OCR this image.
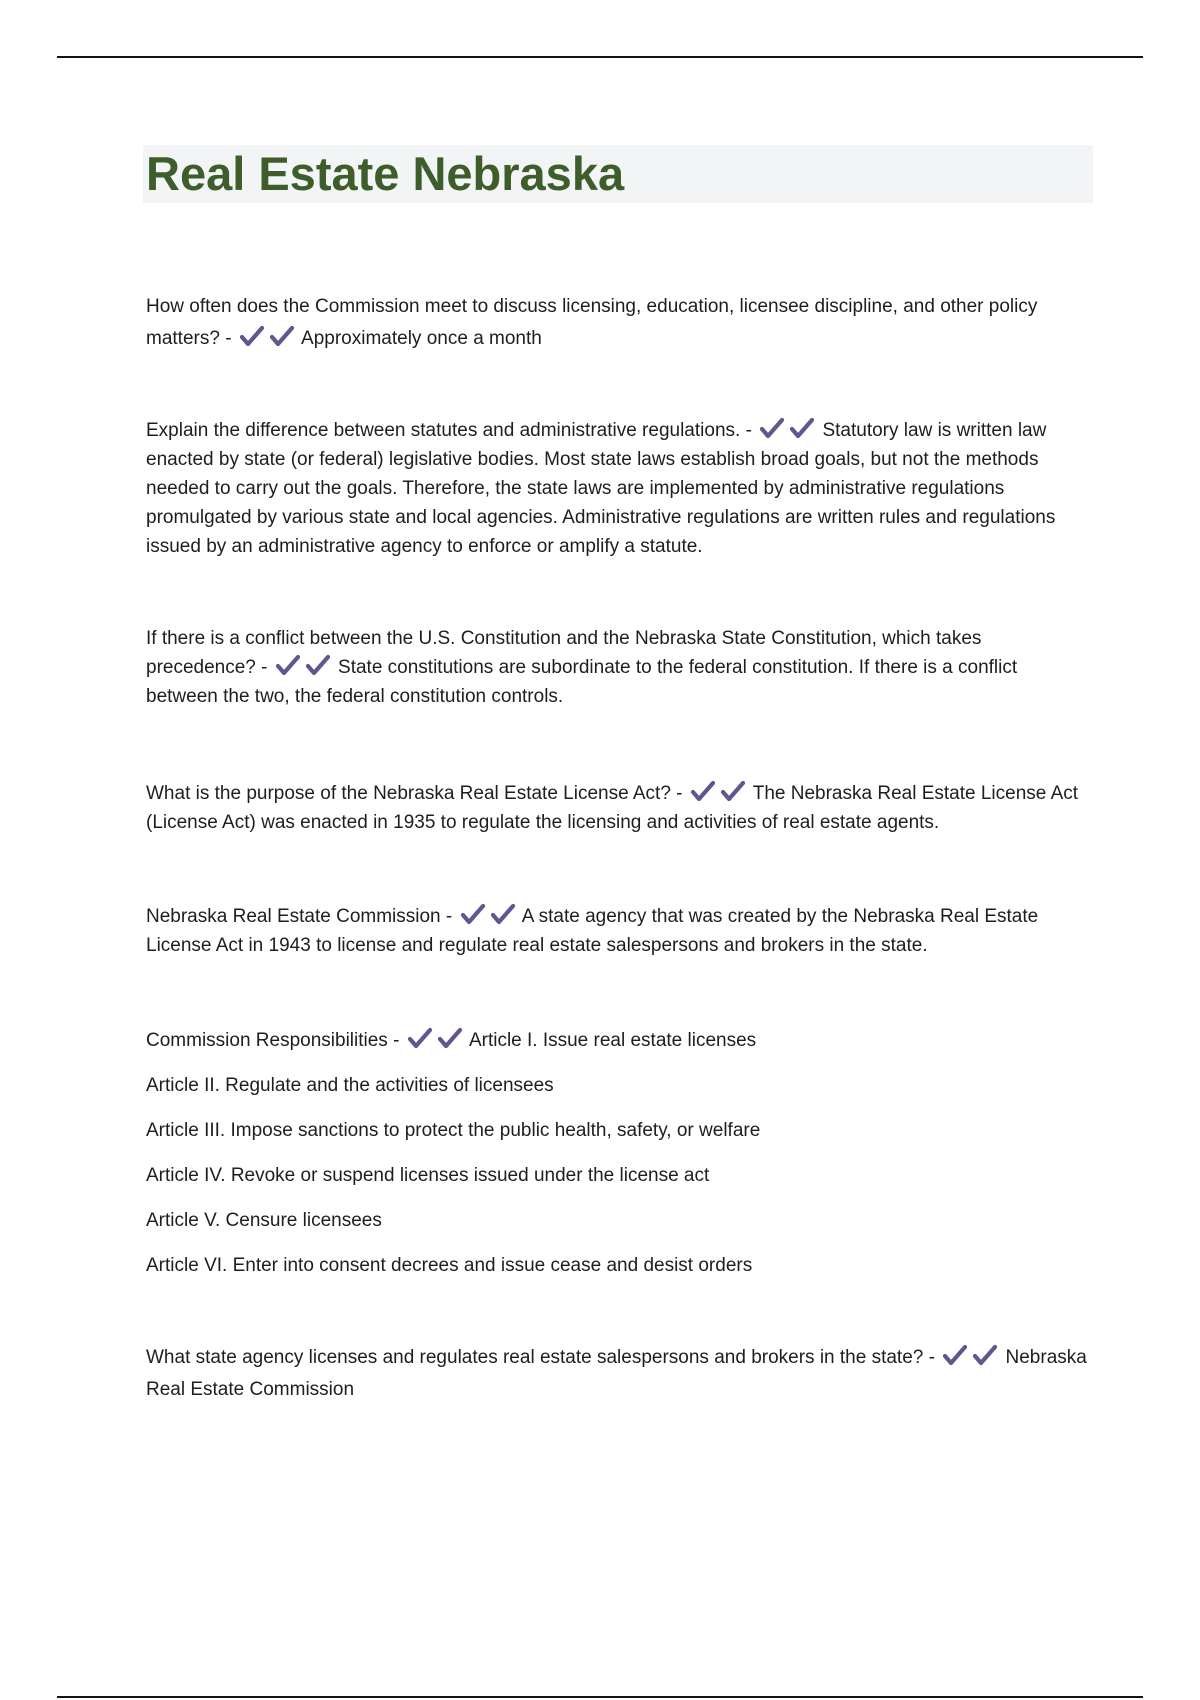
Real Estate Nebraska

How often does the Commission meet to discuss licensing, education, licensee discipline, and other policy matters? -	Approximately once a month

Explain the difference between statutes and administrative regulations. -	Statutory law is written law enacted by state (or federal) legislative bodies. Most state laws establish broad goals, but not the methods needed to carry out the goals. Therefore, the state laws are implemented by administrative regulations promulgated by various state and local agencies. Administrative regulations are written rules and regulations issued by an administrative agency to enforce or amplify a statute.

If there is a conflict between the U.S. Constitution and the Nebraska State Constitution, which takes precedence? -	State constitutions are subordinate to the federal constitution. If there is a conflict between the two, the federal constitution controls.

What is the purpose of the Nebraska Real Estate License Act? -	The Nebraska Real Estate License Act (License Act) was enacted in 1935 to regulate the licensing and activities of real estate agents.

Nebraska Real Estate Commission -	A state agency that was created by the Nebraska Real Estate License Act in 1943 to license and regulate real estate salespersons and brokers in the state.

Commission Responsibilities -	Article I. Issue real estate licenses

Article II. Regulate and the activities of licensees

Article III. Impose sanctions to protect the public health, safety, or welfare

Article IV. Revoke or suspend licenses issued under the license act

Article V. Censure licensees

Article VI. Enter into consent decrees and issue cease and desist orders

What state agency licenses and regulates real estate salespersons and brokers in the state? -	Nebraska Real Estate Commission
